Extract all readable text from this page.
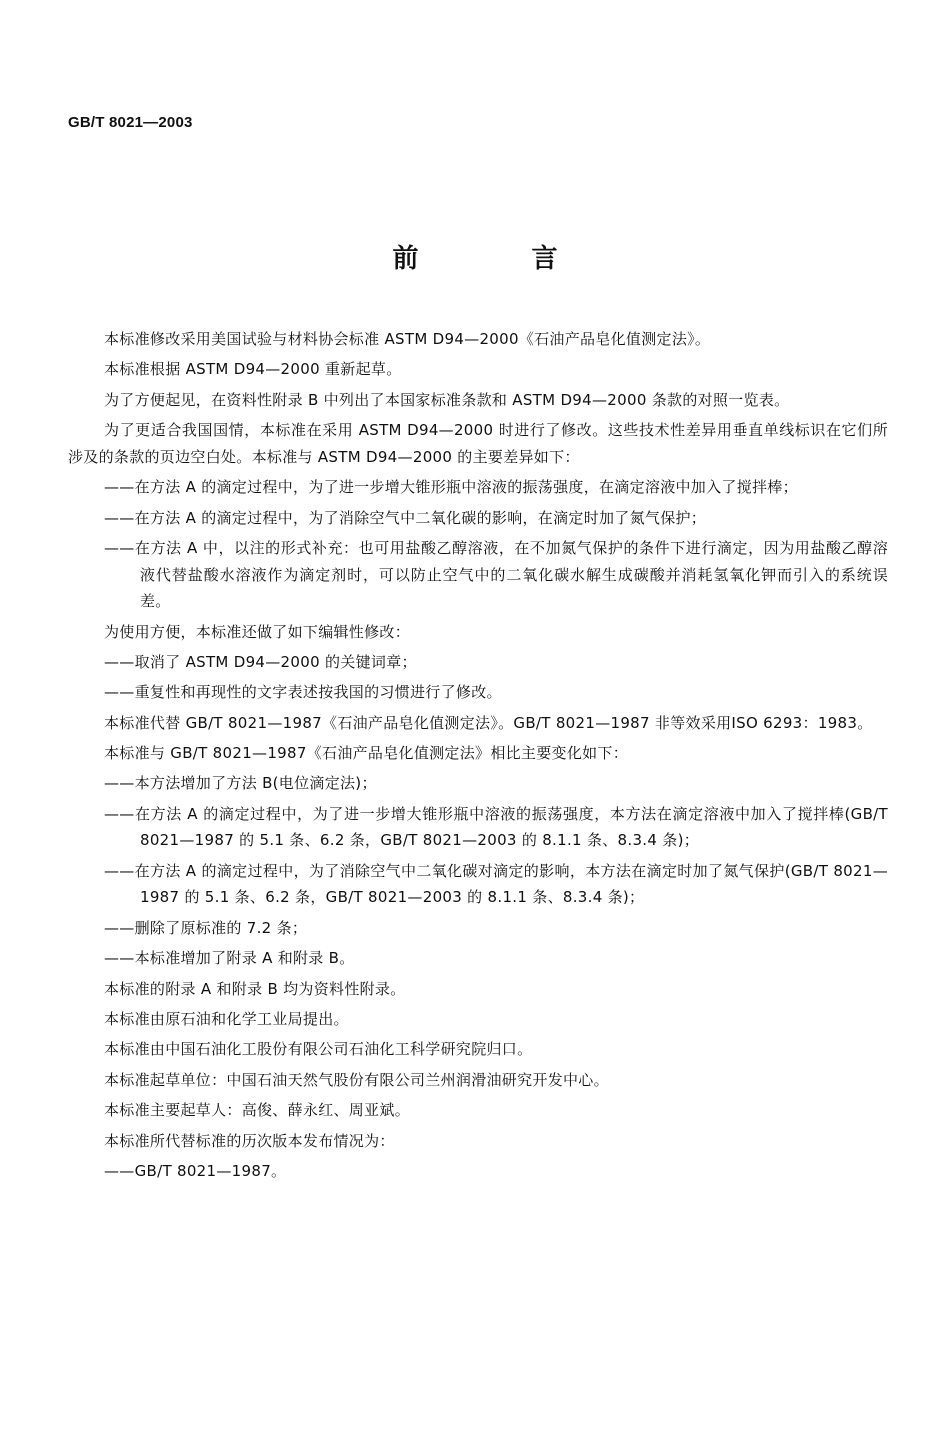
GB/T 8021—2003
前 言
本标准修改采用美国试验与材料协会标准 ASTM D94—2000《石油产品皂化值测定法》。
本标准根据 ASTM D94—2000 重新起草。
为了方便起见，在资料性附录 B 中列出了本国家标准条款和 ASTM D94—2000 条款的对照一览表。
为了更适合我国国情，本标准在采用 ASTM D94—2000 时进行了修改。这些技术性差异用垂直单线标识在它们所涉及的条款的页边空白处。本标准与 ASTM D94—2000 的主要差异如下：
——在方法 A 的滴定过程中，为了进一步增大锥形瓶中溶液的振荡强度，在滴定溶液中加入了搅拌棒；
——在方法 A 的滴定过程中，为了消除空气中二氧化碳的影响，在滴定时加了氮气保护；
——在方法 A 中，以注的形式补充：也可用盐酸乙醇溶液，在不加氮气保护的条件下进行滴定，因为用盐酸乙醇溶液代替盐酸水溶液作为滴定剂时，可以防止空气中的二氧化碳水解生成碳酸并消耗氢氧化钾而引入的系统误差。
为使用方便，本标准还做了如下编辑性修改：
——取消了 ASTM D94—2000 的关键词章；
——重复性和再现性的文字表述按我国的习惯进行了修改。
本标准代替 GB/T 8021—1987《石油产品皂化值测定法》。GB/T 8021—1987 非等效采用ISO 6293：1983。
本标准与 GB/T 8021—1987《石油产品皂化值测定法》相比主要变化如下：
——本方法增加了方法 B(电位滴定法)；
——在方法 A 的滴定过程中，为了进一步增大锥形瓶中溶液的振荡强度，本方法在滴定溶液中加入了搅拌棒(GB/T 8021—1987 的 5.1 条、6.2 条，GB/T 8021—2003 的 8.1.1 条、8.3.4 条)；
——在方法 A 的滴定过程中，为了消除空气中二氧化碳对滴定的影响，本方法在滴定时加了氮气保护(GB/T 8021—1987 的 5.1 条、6.2 条，GB/T 8021—2003 的 8.1.1 条、8.3.4 条)；
——删除了原标准的 7.2 条；
——本标准增加了附录 A 和附录 B。
本标准的附录 A 和附录 B 均为资料性附录。
本标准由原石油和化学工业局提出。
本标准由中国石油化工股份有限公司石油化工科学研究院归口。
本标准起草单位：中国石油天然气股份有限公司兰州润滑油研究开发中心。
本标准主要起草人：高俊、薛永红、周亚斌。
本标准所代替标准的历次版本发布情况为：
——GB/T 8021—1987。
